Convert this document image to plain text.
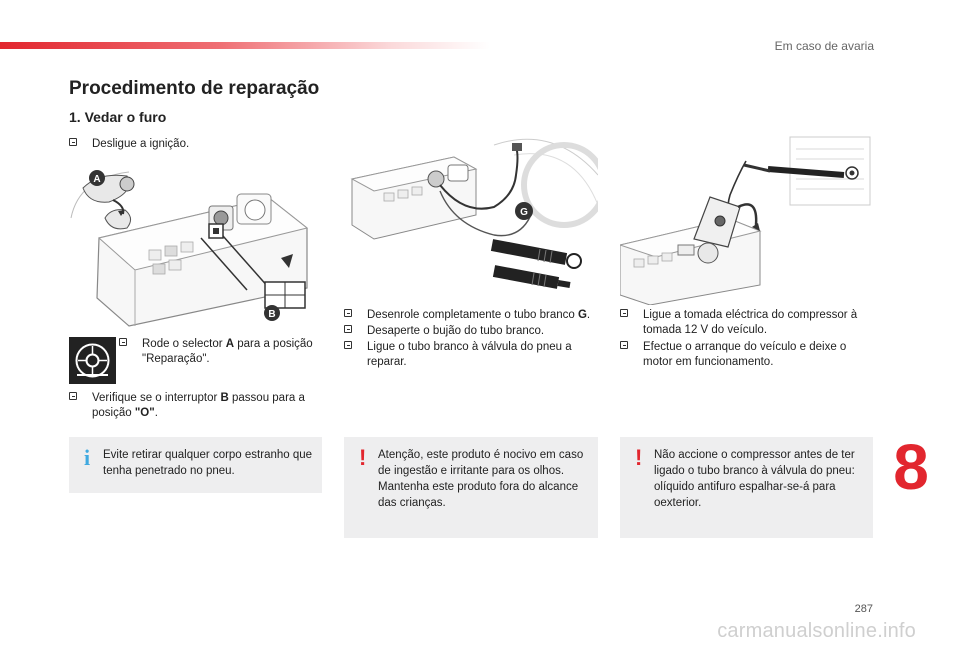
Em caso de avaria
Procedimento de reparação
1. Vedar o furo
Desligue a ignição.
A
B
Rode o selector A para a posição "Reparação".
Verifique se o interruptor B passou para a posição "O".
i Evite retirar qualquer corpo estranho que tenha penetrado no pneu.
G
Desenrole completamente o tubo branco G.
Desaperte o bujão do tubo branco.
Ligue o tubo branco à válvula do pneu a reparar.
! Atenção, este produto é nocivo em caso de ingestão e irritante para os olhos. Mantenha este produto fora do alcance das crianças.
Ligue a tomada eléctrica do compressor à tomada 12 V do veículo.
Efectue o arranque do veículo e deixe o motor em funcionamento.
! Não accione o compressor antes de ter ligado o tubo branco à válvula do pneu: olíquido antifuro espalhar-se-á para oexterior.	8
287
carmanualsonline.info
